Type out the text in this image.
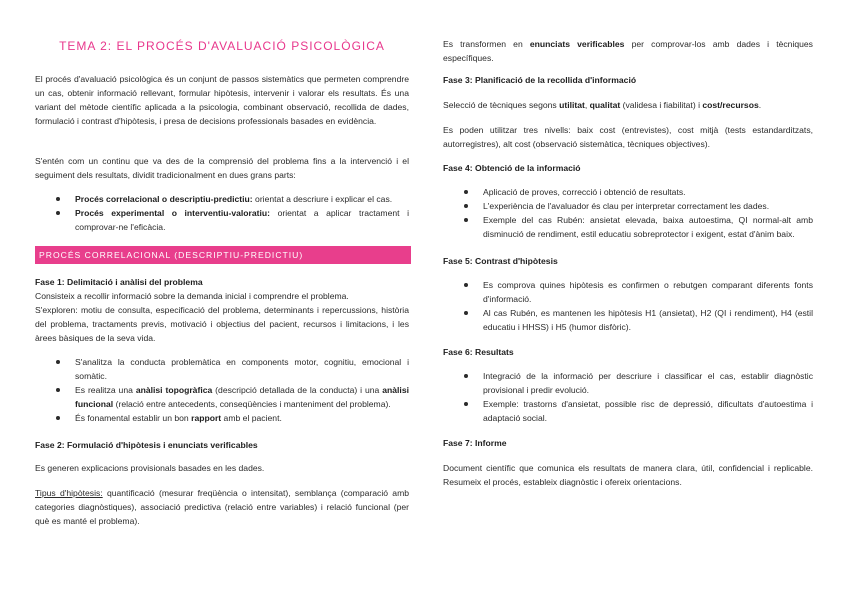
TEMA 2: EL PROCÉS D'AVALUACIÓ PSICOLÒGICA

El procés d'avaluació psicològica és un conjunt de passos sistemàtics que permeten comprendre un cas, obtenir informació rellevant, formular hipòtesis, intervenir i valorar els resultats. És una variant del mètode científic aplicada a la psicologia, combinant observació, recollida de dades, formulació i contrast d'hipòtesis, i presa de decisions professionals basades en evidència.

S'entén com un continu que va des de la comprensió del problema fins a la intervenció i el seguiment dels resultats, dividit tradicionalment en dues grans parts:

Procés correlacional o descriptiu-predictiu: orientat a descriure i explicar el cas.
Procés experimental o interventiu-valoratiu: orientat a aplicar tractament i comprovar-ne l'eficàcia.
PROCÉS CORRELACIONAL (DESCRIPTIU-PREDICTIU)
Fase 1: Delimitació i anàlisi del problema

Consisteix a recollir informació sobre la demanda inicial i comprendre el problema.

S'exploren: motiu de consulta, especificació del problema, determinants i repercussions, història del problema, tractaments previs, motivació i objectius del pacient, recursos i limitacions, i les àrees bàsiques de la seva vida.

S'analitza la conducta problemàtica en components motor, cognitiu, emocional i somàtic.
Es realitza una anàlisi topogràfica (descripció detallada de la conducta) i una anàlisi funcional (relació entre antecedents, conseqüències i manteniment del problema).
És fonamental establir un bon rapport amb el pacient.
Fase 2: Formulació d'hipòtesis i enunciats verificables

Es generen explicacions provisionals basades en les dades.

Tipus d'hipòtesis: quantificació (mesurar freqüència o intensitat), semblança (comparació amb categories diagnòstiques), associació predictiva (relació entre variables) i relació funcional (per què es manté el problema).

Es transformen en enunciats verificables per comprovar-los amb dades i tècniques específiques.

Fase 3: Planificació de la recollida d'informació

Selecció de tècniques segons utilitat, qualitat (validesa i fiabilitat) i cost/recursos.

Es poden utilitzar tres nivells: baix cost (entrevistes), cost mitjà (tests estandarditzats, autorregistres), alt cost (observació sistemàtica, tècniques objectives).

Fase 4: Obtenció de la informació
Aplicació de proves, correcció i obtenció de resultats.
L'experiència de l'avaluador és clau per interpretar correctament les dades.
Exemple del cas Rubén: ansietat elevada, baixa autoestima, QI normal-alt amb disminució de rendiment, estil educatiu sobreprotector i exigent, estat d'ànim baix.
Fase 5: Contrast d'hipòtesis
Es comprova quines hipòtesis es confirmen o rebutgen comparant diferents fonts d'informació.
Al cas Rubén, es mantenen les hipòtesis H1 (ansietat), H2 (QI i rendiment), H4 (estil educatiu i HHSS) i H5 (humor disfòric).
Fase 6: Resultats
Integració de la informació per descriure i classificar el cas, establir diagnòstic provisional i predir evolució.
Exemple: trastorns d'ansietat, possible risc de depressió, dificultats d'autoestima i adaptació social.
Fase 7: Informe

Document científic que comunica els resultats de manera clara, útil, confidencial i replicable. Resumeix el procés, estableix diagnòstic i ofereix orientacions.
